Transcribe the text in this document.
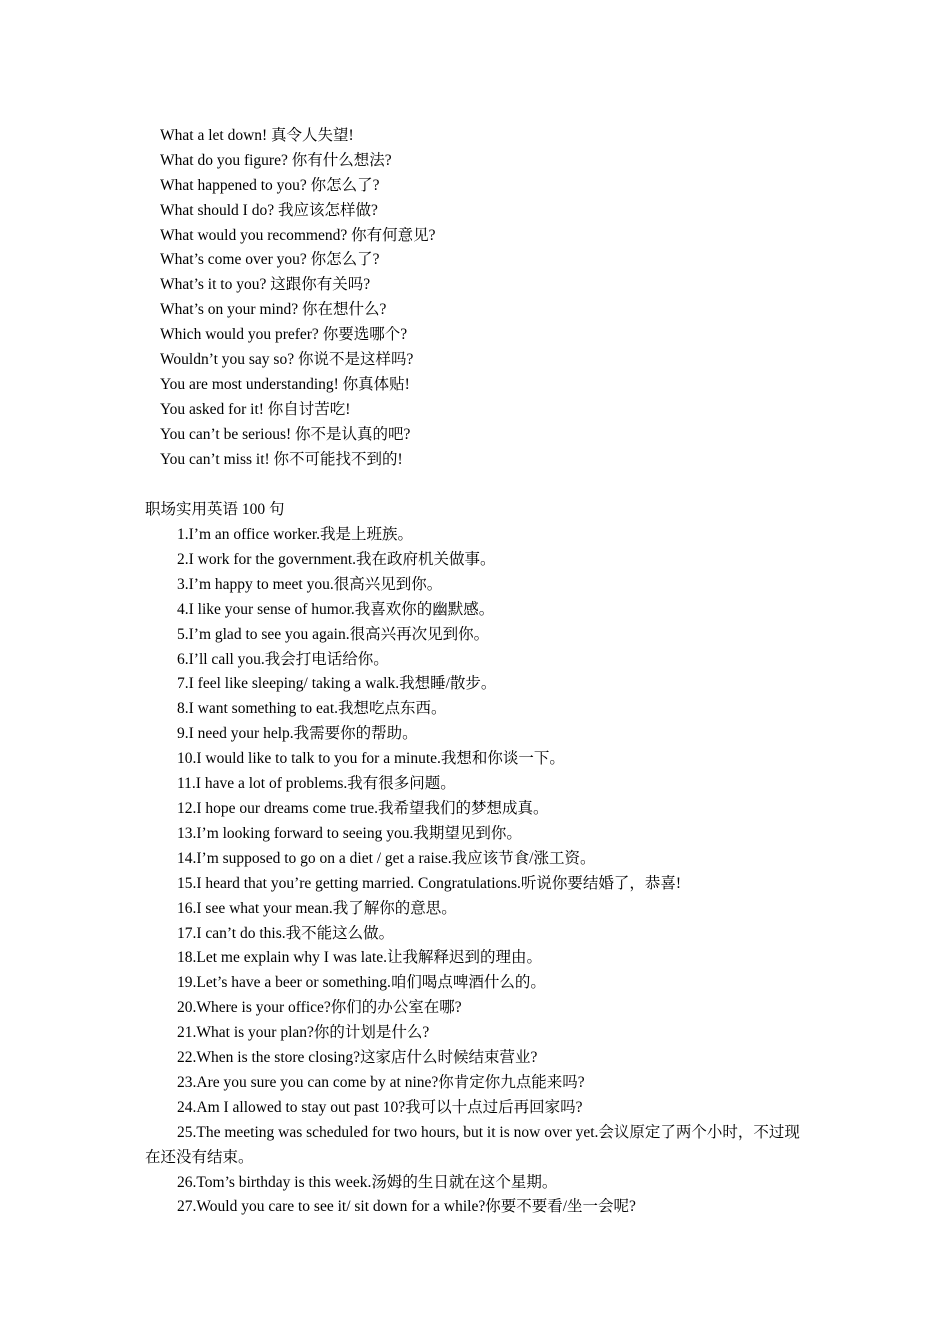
What a let down! 真令人失望!
What do you figure? 你有什么想法?
What happened to you? 你怎么了?
What should I do? 我应该怎样做?
What would you recommend? 你有何意见?
What’s come over you? 你怎么了?
What’s it to you? 这跟你有关吗?
What’s on your mind? 你在想什么?
Which would you prefer? 你要选哪个?
Wouldn’t you say so? 你说不是这样吗?
You are most understanding! 你真体贴!
You asked for it! 你自讨苦吃!
You can’t be serious! 你不是认真的吧?
You can’t miss it! 你不可能找不到的!
职场实用英语 100 句
1.I’m an office worker.我是上班族。
2.I work for the government.我在政府机关做事。
3.I’m happy to meet you.很高兴见到你。
4.I like your sense of humor.我喜欢你的幽默感。
5.I’m glad to see you again.很高兴再次见到你。
6.I’ll call you.我会打电话给你。
7.I feel like sleeping/ taking a walk.我想睡/散步。
8.I want something to eat.我想吃点东西。
9.I need your help.我需要你的帮助。
10.I would like to talk to you for a minute.我想和你谈一下。
11.I have a lot of problems.我有很多问题。
12.I hope our dreams come true.我希望我们的梦想成真。
13.I’m looking forward to seeing you.我期望见到你。
14.I’m supposed to go on a diet / get a raise.我应该节食/涨工资。
15.I heard that you’re getting married. Congratulations.听说你要结婚了，恭喜!
16.I see what your mean.我了解你的意思。
17.I can’t do this.我不能这么做。
18.Let me explain why I was late.让我解释迟到的理由。
19.Let’s have a beer or something.咱们喝点啤酒什么的。
20.Where is your office?你们的办公室在哪?
21.What is your plan?你的计划是什么?
22.When is the store closing?这家店什么时候结束营业?
23.Are you sure you can come by at nine?你肯定你九点能来吗?
24.Am I allowed to stay out past 10?我可以十点过后再回家吗?
25.The meeting was scheduled for two hours, but it is now over yet.会议原定了两个小时，不过现在还没有结束。
26.Tom’s birthday is this week.汤姆的生日就在这个星期。
27.Would you care to see it/ sit down for a while?你要不要看/坐一会呢?
